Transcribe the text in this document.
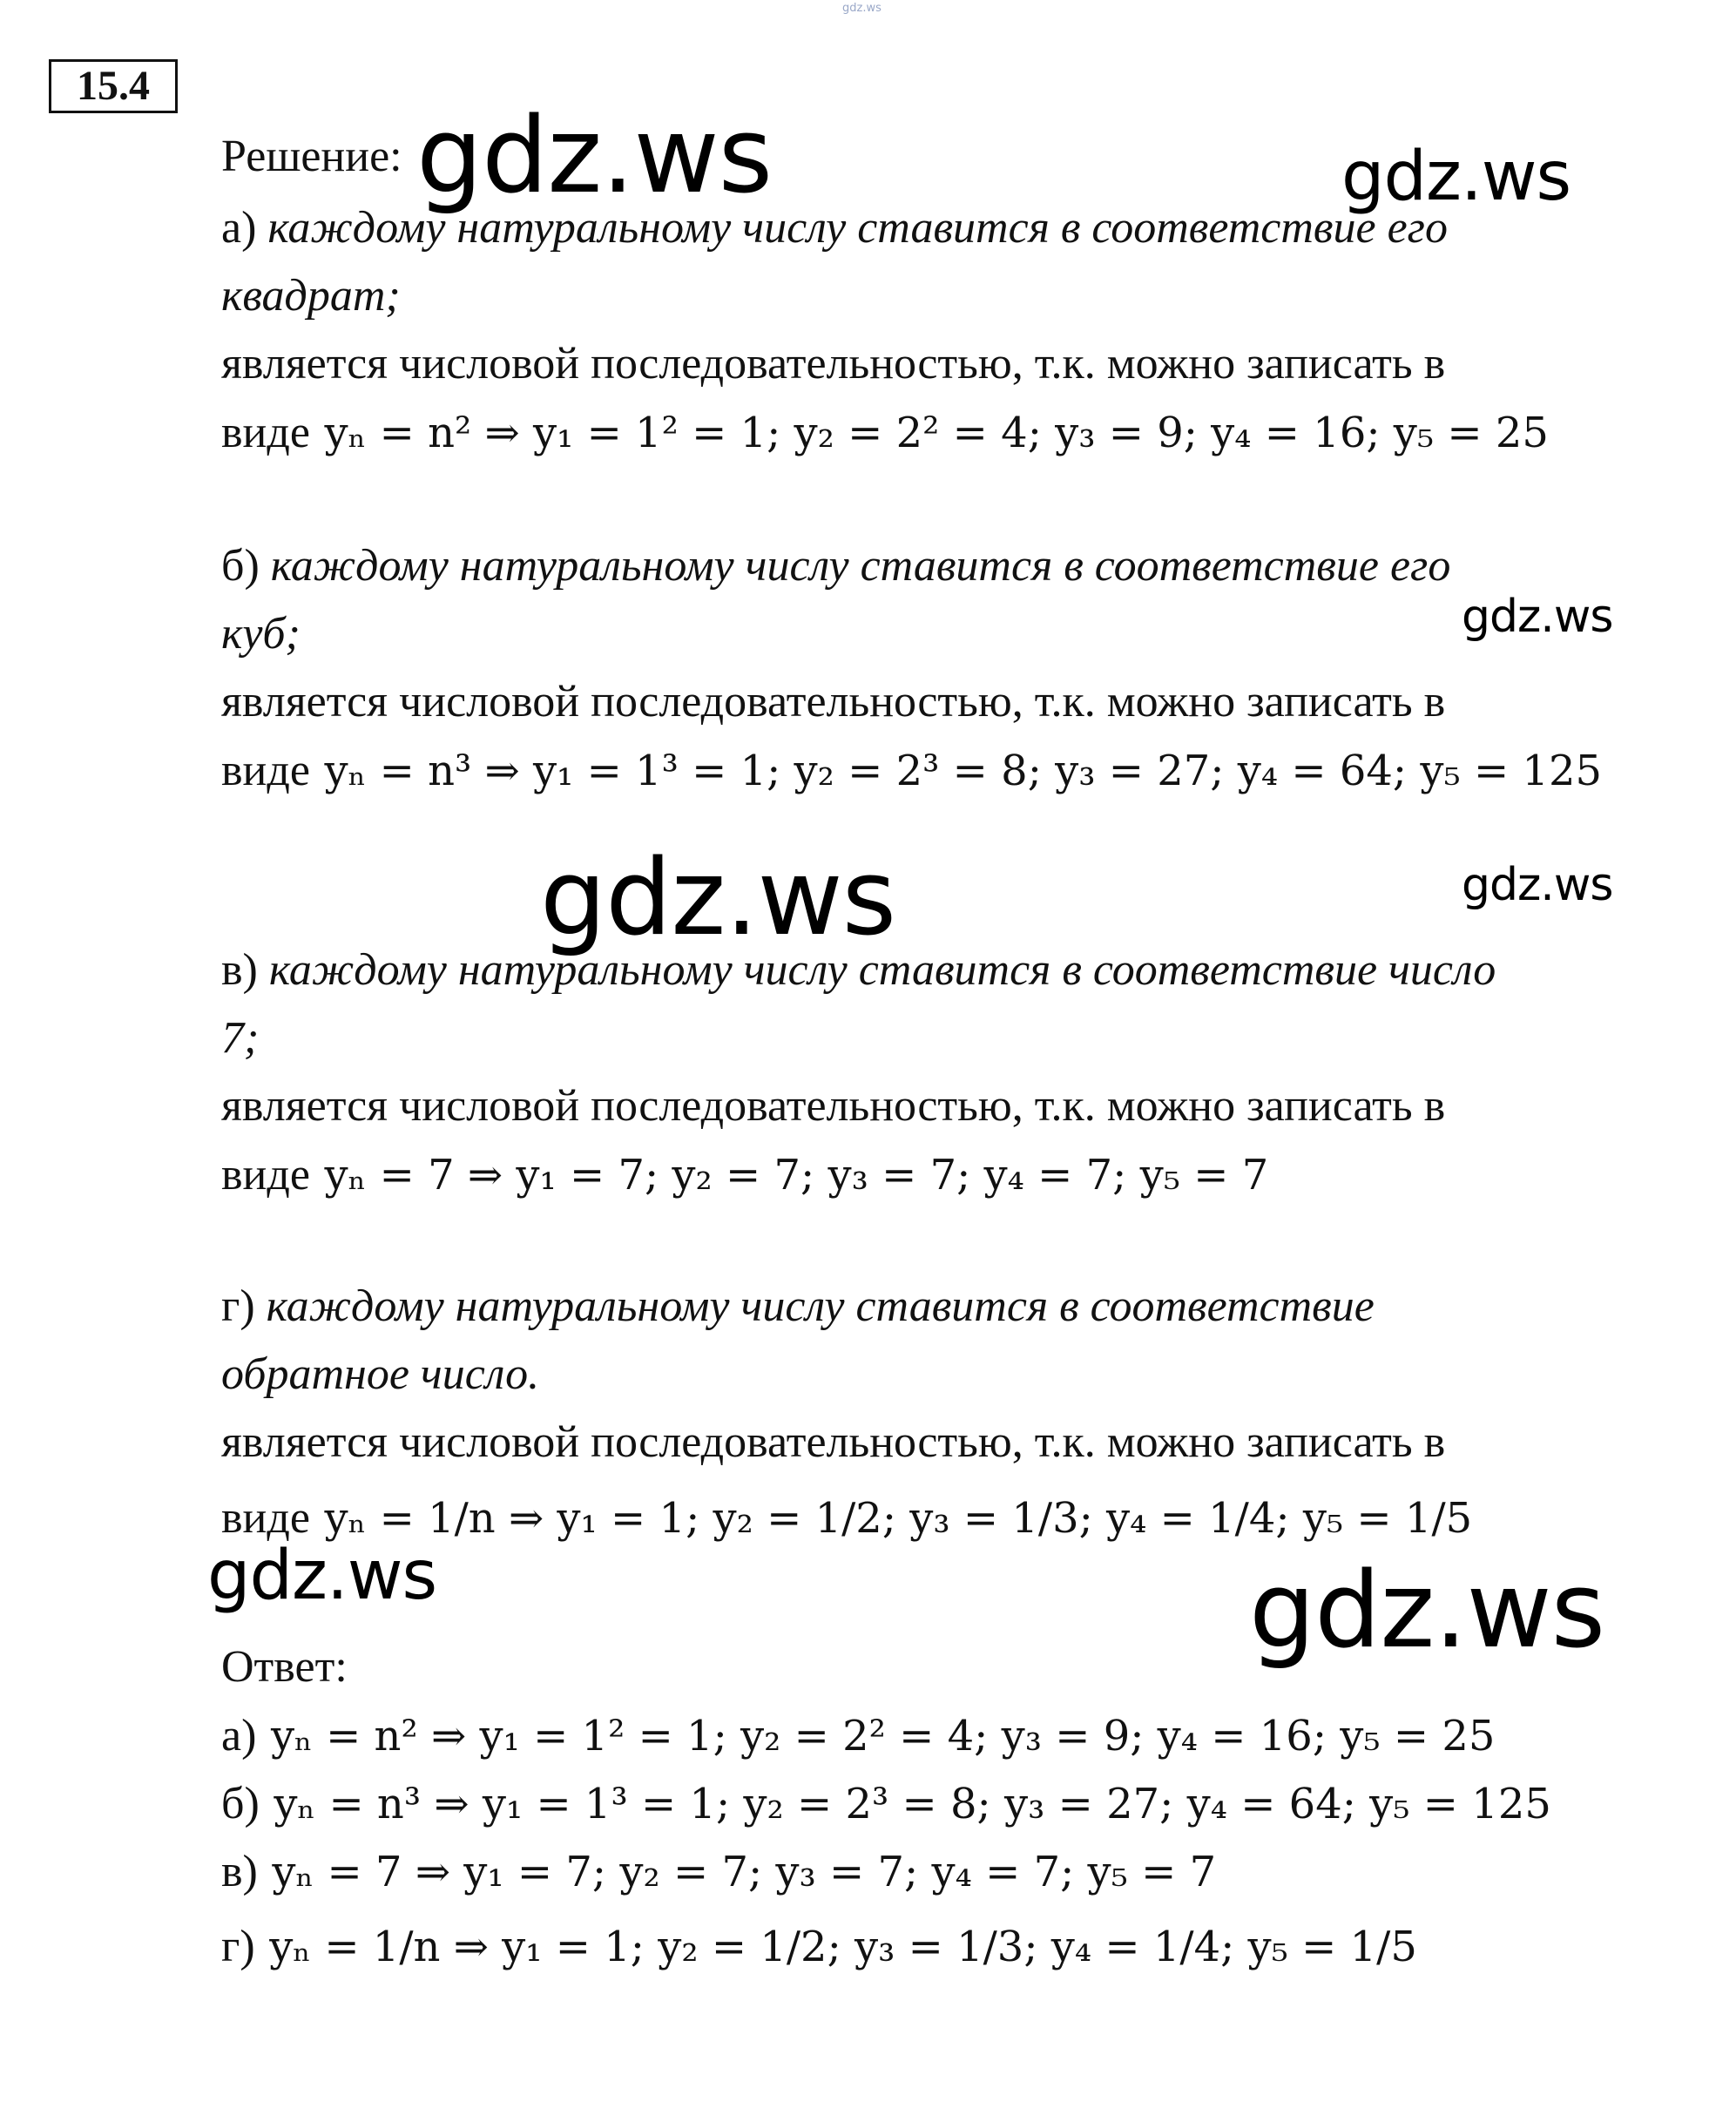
gdz.ws
15.4
Решение:
а) каждому натуральному числу ставится в соответствие его
квадрат;
является числовой последовательностью, т.к. можно записать в
виде yₙ = n² ⇒ y₁ = 1² = 1; y₂ = 2² = 4; y₃ = 9; y₄ = 16; y₅ = 25
б) каждому натуральному числу ставится в соответствие его
куб;
является числовой последовательностью, т.к. можно записать в
виде yₙ = n³ ⇒ y₁ = 1³ = 1; y₂ = 2³ = 8; y₃ = 27; y₄ = 64; y₅ = 125
в) каждому натуральному числу ставится в соответствие число
7;
является числовой последовательностью, т.к. можно записать в
виде yₙ = 7 ⇒ y₁ = 7; y₂ = 7; y₃ = 7; y₄ = 7; y₅ = 7
г) каждому натуральному числу ставится в соответствие
обратное число.
является числовой последовательностью, т.к. можно записать в
виде yₙ = 1/n ⇒ y₁ = 1; y₂ = 1/2; y₃ = 1/3; y₄ = 1/4; y₅ = 1/5
Ответ:
а) yₙ = n² ⇒ y₁ = 1² = 1; y₂ = 2² = 4; y₃ = 9; y₄ = 16; y₅ = 25
б) yₙ = n³ ⇒ y₁ = 1³ = 1; y₂ = 2³ = 8; y₃ = 27; y₄ = 64; y₅ = 125
в) yₙ = 7 ⇒ y₁ = 7; y₂ = 7; y₃ = 7; y₄ = 7; y₅ = 7
г) yₙ = 1/n ⇒ y₁ = 1; y₂ = 1/2; y₃ = 1/3; y₄ = 1/4; y₅ = 1/5
gdz.ws	gdz.ws
gdz.ws
gdz.ws	gdz.ws
gdz.ws	gdz.ws
